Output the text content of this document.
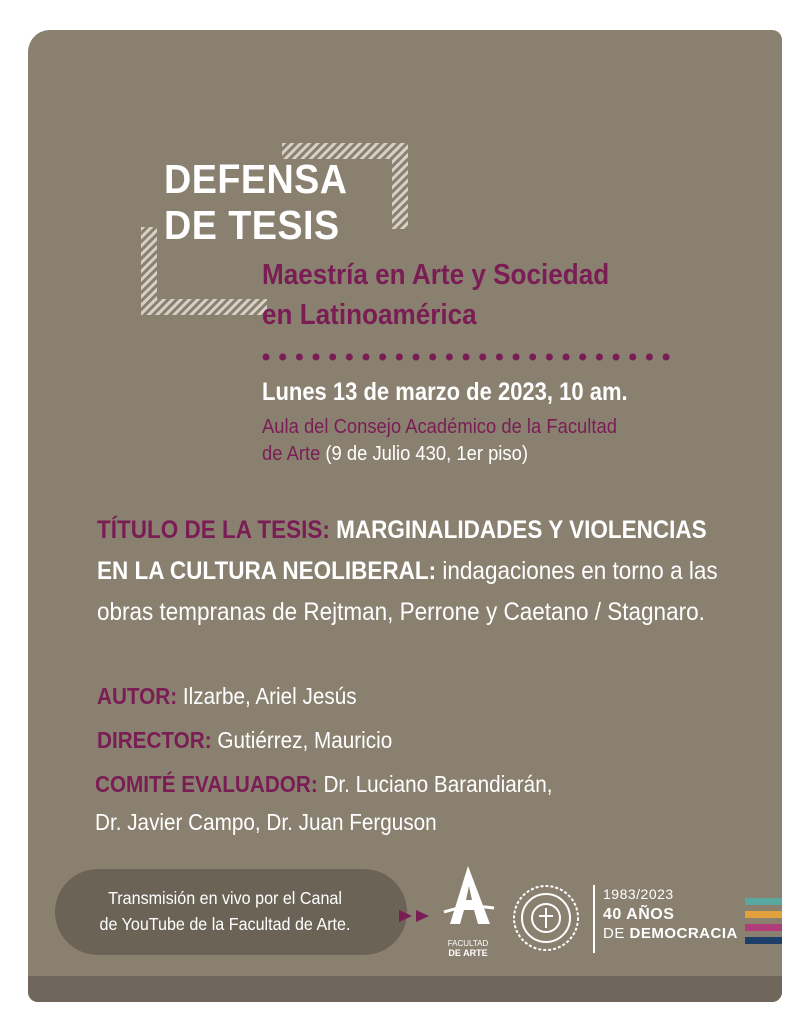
DEFENSA
DE TESIS
Maestría en Arte y Sociedad
en Latinoamérica
Lunes 13 de marzo de 2023, 10 am.
Aula del Consejo Académico de la Facultad
de Arte (9 de Julio 430, 1er piso)
TÍTULO DE LA TESIS: MARGINALIDADES Y VIOLENCIAS EN LA CULTURA NEOLIBERAL: indagaciones en torno a las obras tempranas de Rejtman, Perrone y Caetano / Stagnaro.
AUTOR: Ilzarbe, Ariel Jesús
DIRECTOR: Gutiérrez, Mauricio
COMITÉ EVALUADOR: Dr. Luciano Barandiarán,
Dr. Javier Campo, Dr. Juan Ferguson
Transmisión en vivo por el Canal
de YouTube de la Facultad de Arte.
FACULTAD
DE ARTE
1983/2023
40 AÑOS
DE DEMOCRACIA
